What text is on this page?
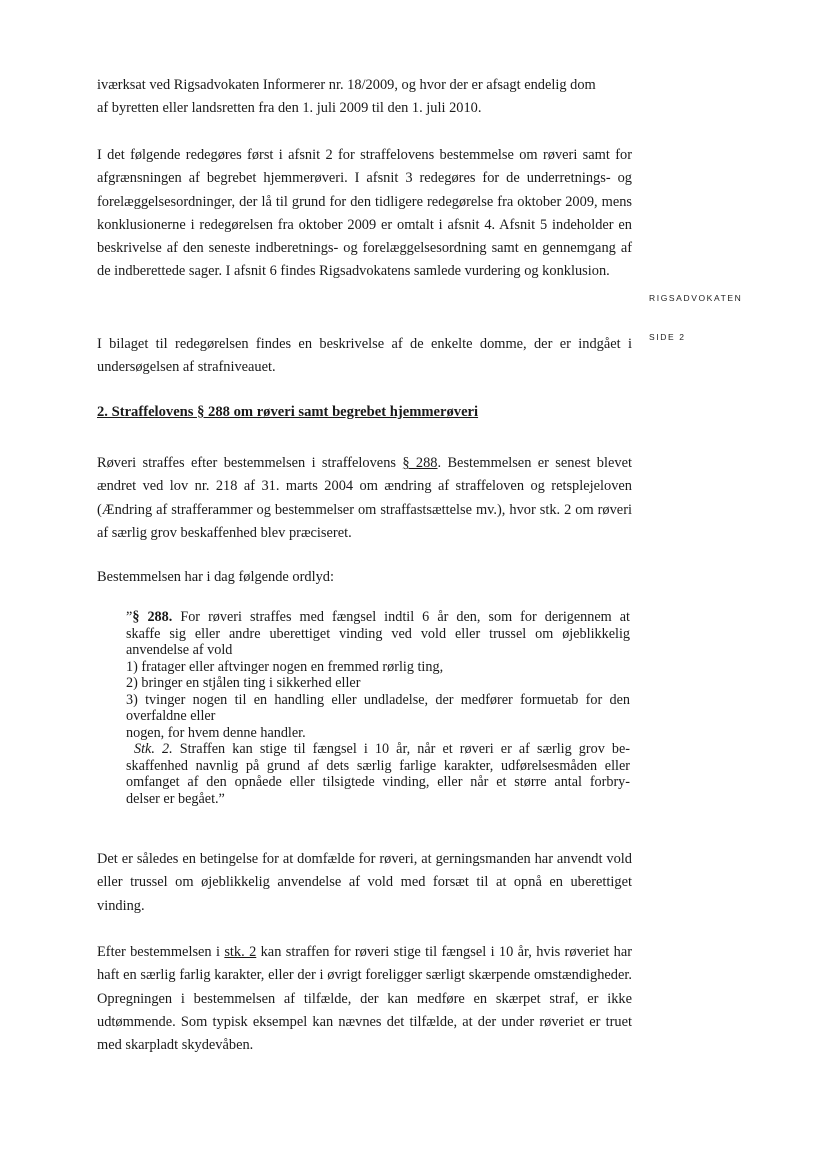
RIGSADVOKATEN
SIDE 2
iværksat ved Rigsadvokaten Informerer nr. 18/2009, og hvor der er afsagt endelig dom
af byretten eller landsretten fra den 1. juli 2009 til den 1. juli 2010.

I det følgende redegøres først i afsnit 2 for straffelovens bestemmelse om røveri samt for afgrænsningen af begrebet hjemmerøveri. I afsnit 3 redegøres for de underretnings- og forelæggelsesordninger, der lå til grund for den tidligere redegørelse fra oktober 2009, mens konklusionerne i redegørelsen fra oktober 2009 er omtalt i afsnit 4. Afsnit 5 indeholder en beskrivelse af den seneste indberetnings- og forelæggelsesordning samt en gennemgang af de indberettede sager. I afsnit 6 findes Rigsadvokatens samlede vurdering og konklusion.

I bilaget til redegørelsen findes en beskrivelse af de enkelte domme, der er indgået i undersøgelsen af strafniveauet.

2. Straffelovens § 288 om røveri samt begrebet hjemmerøveri

Røveri straffes efter bestemmelsen i straffelovens § 288. Bestemmelsen er senest blevet ændret ved lov nr. 218 af 31. marts 2004 om ændring af straffeloven og retsplejeloven (Ændring af strafferammer og bestemmelser om straffastsættelse mv.), hvor stk. 2 om røveri af særlig grov beskaffenhed blev præciseret.

Bestemmelsen har i dag følgende ordlyd:

”§ 288. For røveri straffes med fængsel indtil 6 år den, som for derigennem at
skaffe sig eller andre uberettiget vinding ved vold eller trussel om øjeblikkelig
anvendelse af vold
1) fratager eller aftvinger nogen en fremmed rørlig ting,
2) bringer en stjålen ting i sikkerhed eller
3) tvinger nogen til en handling eller undladelse, der medfører formuetab for den
overfaldne eller
nogen, for hvem denne handler.
Stk. 2. Straffen kan stige til fængsel i 10 år, når et røveri er af særlig grov be-
skaffenhed navnlig på grund af dets særlig farlige karakter, udførelsesmåden eller
omfanget af den opnåede eller tilsigtede vinding, eller når et større antal forbry-
delser er begået.”

Det er således en betingelse for at domfælde for røveri, at gerningsmanden har anvendt vold eller trussel om øjeblikkelig anvendelse af vold med forsæt til at opnå en uberettiget vinding.

Efter bestemmelsen i stk. 2 kan straffen for røveri stige til fængsel i 10 år, hvis røveriet har haft en særlig farlig karakter, eller der i øvrigt foreligger særligt skærpende omstændigheder. Opregningen i bestemmelsen af tilfælde, der kan medføre en skærpet straf, er ikke udtømmende. Som typisk eksempel kan nævnes det tilfælde, at der under røveriet er truet med skarpladt skydevåben.
